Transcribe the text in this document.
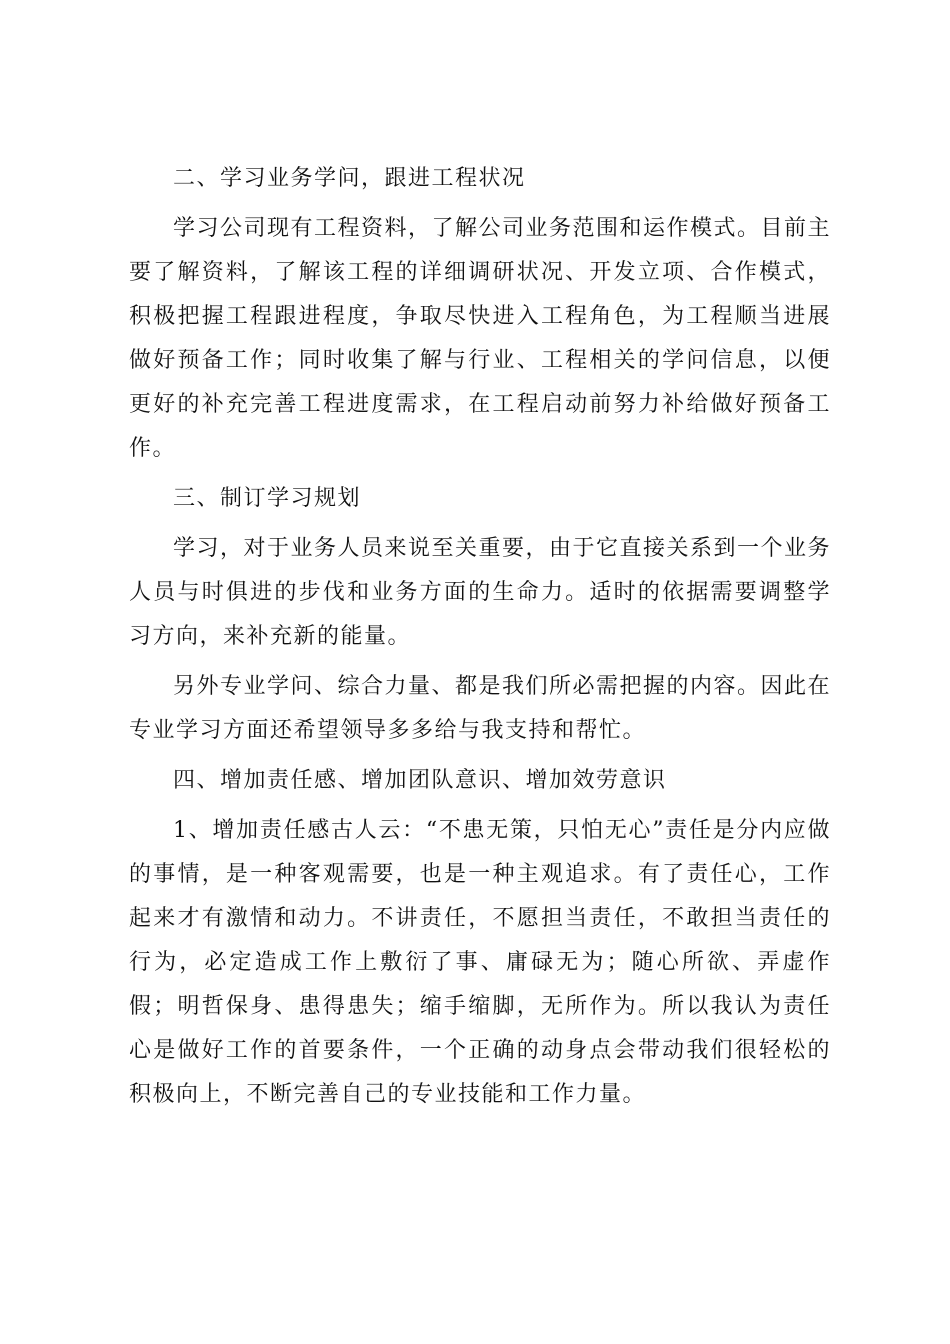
二、学习业务学问，跟进工程状况

学习公司现有工程资料，了解公司业务范围和运作模式。目前主要了解资料，了解该工程的详细调研状况、开发立项、合作模式，积极把握工程跟进程度，争取尽快进入工程角色，为工程顺当进展做好预备工作；同时收集了解与行业、工程相关的学问信息，以便更好的补充完善工程进度需求，在工程启动前努力补给做好预备工作。

三、制订学习规划

学习，对于业务人员来说至关重要，由于它直接关系到一个业务人员与时俱进的步伐和业务方面的生命力。适时的依据需要调整学习方向，来补充新的能量。

另外专业学问、综合力量、都是我们所必需把握的内容。因此在专业学习方面还希望领导多多给与我支持和帮忙。

四、增加责任感、增加团队意识、增加效劳意识

1、增加责任感古人云：“不患无策，只怕无心”责任是分内应做的事情，是一种客观需要，也是一种主观追求。有了责任心，工作起来才有激情和动力。不讲责任，不愿担当责任，不敢担当责任的行为，必定造成工作上敷衍了事、庸碌无为；随心所欲、弄虚作假；明哲保身、患得患失；缩手缩脚，无所作为。所以我认为责任心是做好工作的首要条件，一个正确的动身点会带动我们很轻松的积极向上，不断完善自己的专业技能和工作力量。
